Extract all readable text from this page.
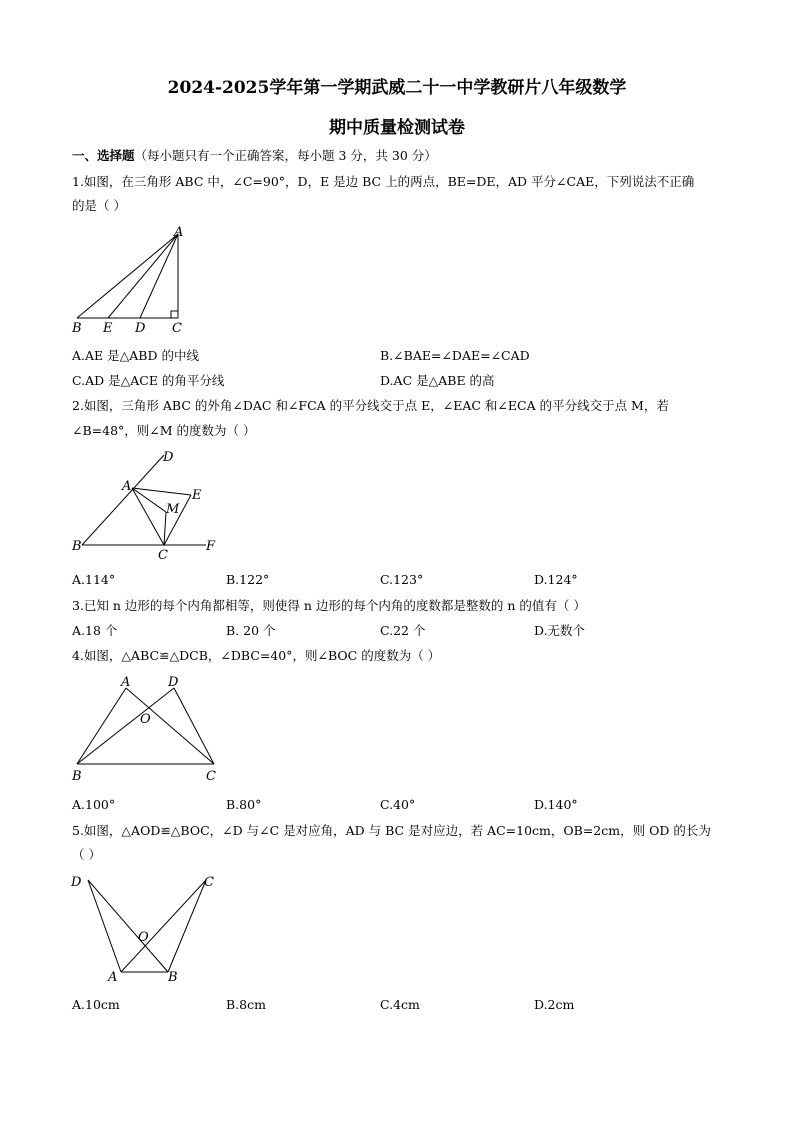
2024-2025学年第一学期武威二十一中学教研片八年级数学
期中质量检测试卷
一、选择题（每小题只有一个正确答案，每小题 3 分，共 30 分）
1.如图，在三角形 ABC 中，∠C=90°，D，E 是边 BC 上的两点，BE=DE，AD 平分∠CAE，下列说法不正确
的是（ ）
A
B E D C
A.AE 是△ABD 的中线	B.∠BAE=∠DAE=∠CAD
C.AD 是△ACE 的角平分线	D.AC 是△ABE 的高
2.如图，三角形 ABC 的外角∠DAC 和∠FCA 的平分线交于点 E，∠EAC 和∠ECA 的平分线交于点 M，若
∠B=48°，则∠M 的度数为（ ）
D
A
E
M
B
C
F
A.114°	B.122°	C.123°	D.124°
3.已知 n 边形的每个内角都相等，则使得 n 边形的每个内角的度数都是整数的 n 的值有（ ）
A.18 个	B. 20 个	C.22 个	D.无数个
4.如图，△ABC≌△DCB，∠DBC=40°，则∠BOC 的度数为（ ）
A	D
O
B	C
A.100°	B.80°	C.40°	D.140°
5.如图，△AOD≌△BOC，∠D 与∠C 是对应角，AD 与 BC 是对应边，若 AC=10cm，OB=2cm，则 OD 的长为
（ ）
D	C
O
A	B
A.10cm	B.8cm	C.4cm	D.2cm
